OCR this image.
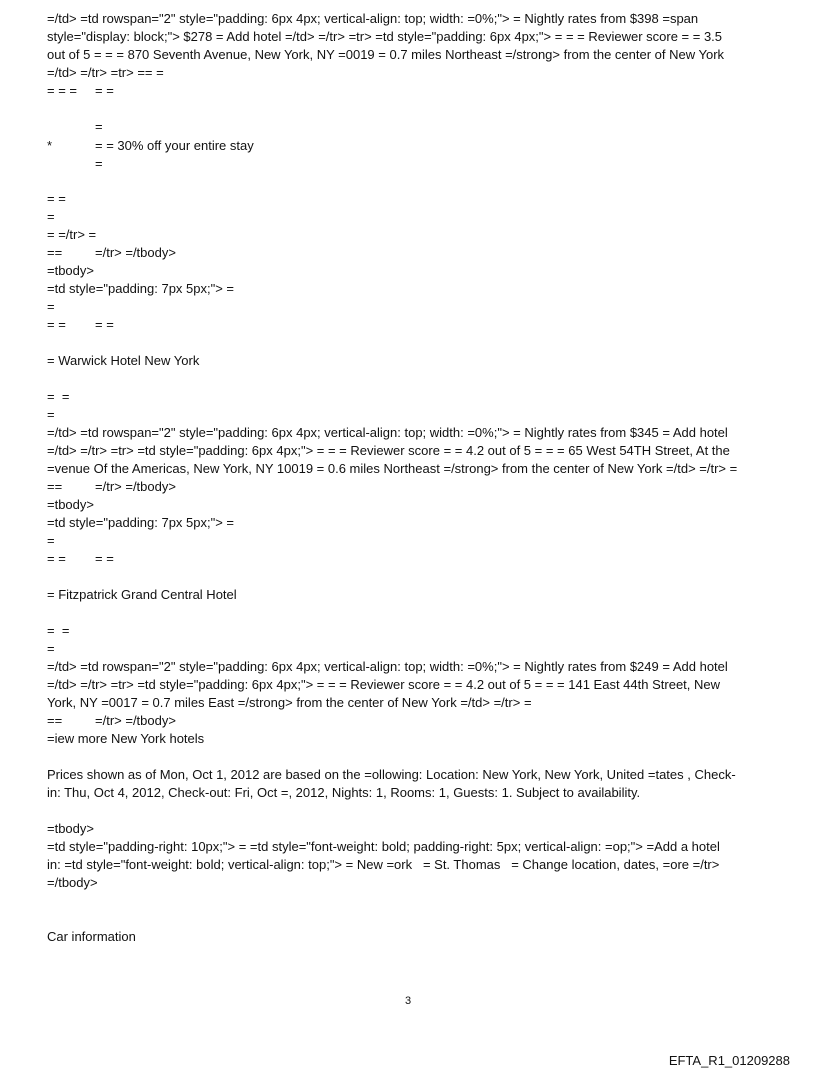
=/td> =td rowspan="2" style="padding: 6px 4px; vertical-align: top; width: =0%;"> = Nightly rates from $398 =span
style="display: block;"> $278 = Add hotel =/td> =/tr> =tr> =td style="padding: 6px 4px;"> = = = Reviewer score = = 3.5
out of 5 = = = 870 Seventh Avenue, New York, NY =0019 = 0.7 miles Northeast =/strong> from the center of New York
=/td> =/tr> =tr> == =
= = =     = =
=
*	= = 30% off your entire stay
=
= =
=
= =/tr> =
==	=/tr> =/tbody>
=tbody>
=td style="padding: 7px 5px;"> =
=
= = = =
= Warwick Hotel New York
=  =
=
=/td> =td rowspan="2" style="padding: 6px 4px; vertical-align: top; width: =0%;"> = Nightly rates from $345 = Add hotel
=/td> =/tr> =tr> =td style="padding: 6px 4px;"> = = = Reviewer score = = 4.2 out of 5 = = = 65 West 54TH Street, At the
=venue Of the Americas, New York, NY 10019 = 0.6 miles Northeast =/strong> from the center of New York =/td> =/tr> =
==	=/tr> =/tbody>
=tbody>
=td style="padding: 7px 5px;"> =
=
= = = =
= Fitzpatrick Grand Central Hotel
=  =
=
=/td> =td rowspan="2" style="padding: 6px 4px; vertical-align: top; width: =0%;"> = Nightly rates from $249 = Add hotel
=/td> =/tr> =tr> =td style="padding: 6px 4px;"> = = = Reviewer score = = 4.2 out of 5 = = = 141 East 44th Street, New
York, NY =0017 = 0.7 miles East =/strong> from the center of New York =/td> =/tr> =
==	=/tr> =/tbody>
=iew more New York hotels
Prices shown as of Mon, Oct 1, 2012 are based on the =ollowing: Location: New York, New York, United =tates , Check-
in: Thu, Oct 4, 2012, Check-out: Fri, Oct =, 2012, Nights: 1, Rooms: 1, Guests: 1. Subject to availability.
=tbody>
=td style="padding-right: 10px;"> = =td style="font-weight: bold; padding-right: 5px; vertical-align: =op;"> =Add a hotel
in: =td style="font-weight: bold; vertical-align: top;"> = New =ork   = St. Thomas   = Change location, dates, =ore =/tr>
=/tbody>
Car information
3
EFTA_R1_01209288
